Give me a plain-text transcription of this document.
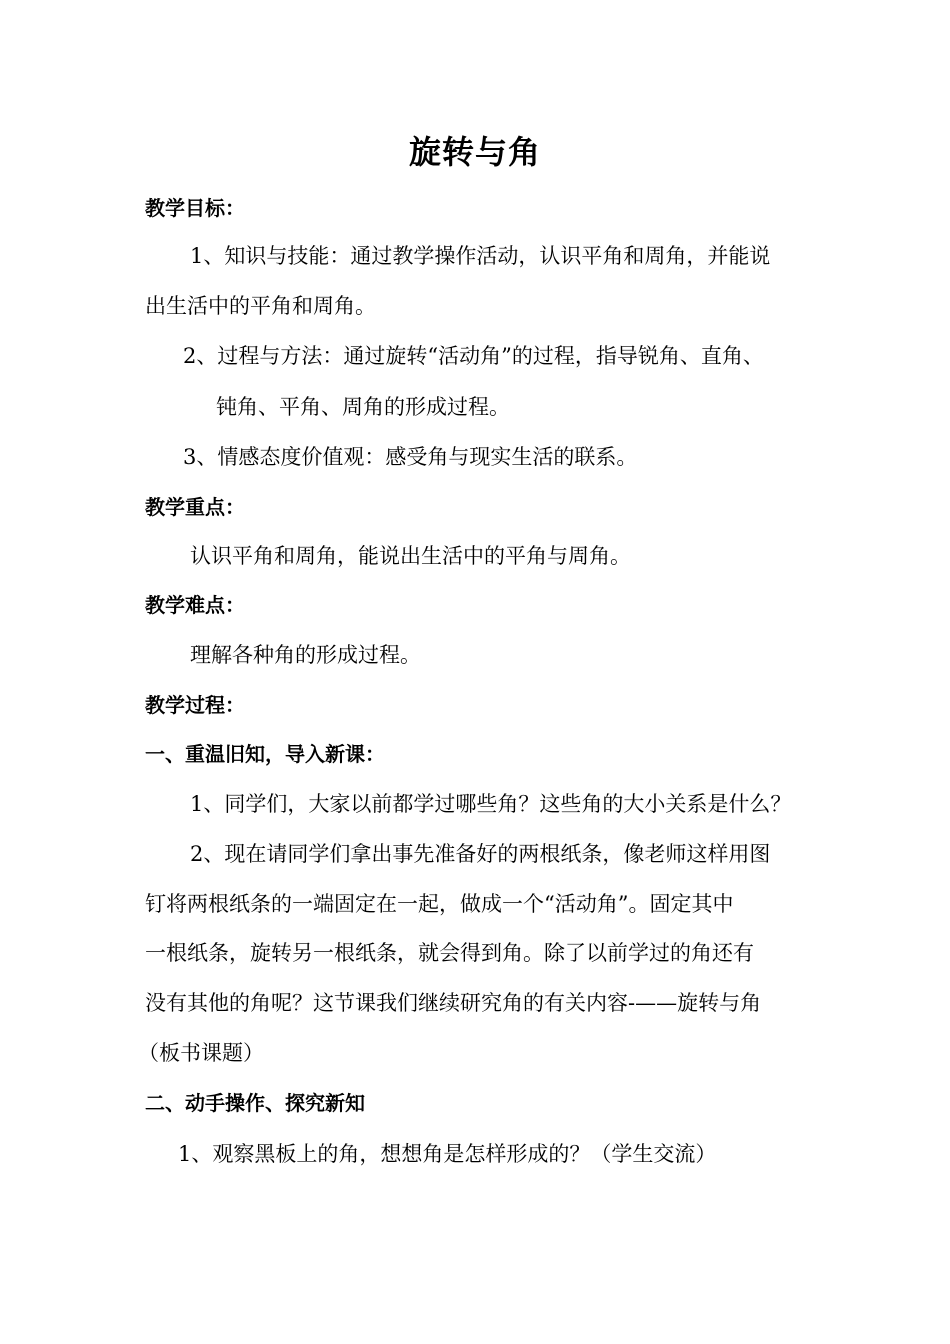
旋转与角

教学目标：

1、知识与技能：通过教学操作活动，认识平角和周角，并能说

出生活中的平角和周角。

2、过程与方法：通过旋转“活动角”的过程，指导锐角、直角、

钝角、平角、周角的形成过程。

3、情感态度价值观：感受角与现实生活的联系。

教学重点：

认识平角和周角，能说出生活中的平角与周角。

教学难点：

理解各种角的形成过程。

教学过程：

一、重温旧知，导入新课：

1、同学们，大家以前都学过哪些角？这些角的大小关系是什么？

2、现在请同学们拿出事先准备好的两根纸条，像老师这样用图

钉将两根纸条的一端固定在一起，做成一个“活动角”。固定其中

一根纸条，旋转另一根纸条，就会得到角。除了以前学过的角还有

没有其他的角呢？这节课我们继续研究角的有关内容-——旋转与角

（板书课题）

二、动手操作、探究新知

1、观察黑板上的角，想想角是怎样形成的？（学生交流）
